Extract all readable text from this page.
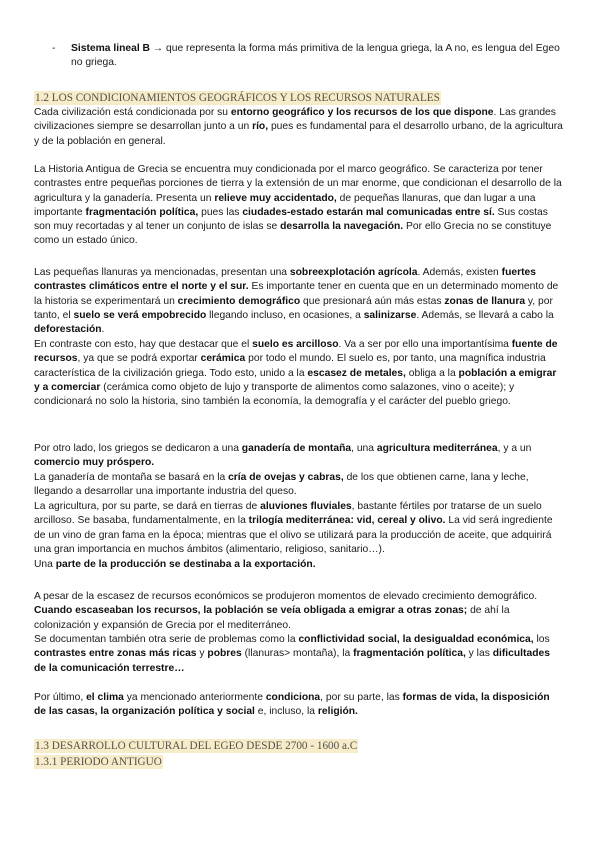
- Sistema lineal B → que representa la forma más primitiva de la lengua griega, la A no, es lengua del Egeo no griega.
1.2 LOS CONDICIONAMIENTOS GEOGRÁFICOS Y LOS RECURSOS NATURALES

Cada civilización está condicionada por su entorno geográfico y los recursos de los que dispone. Las grandes civilizaciones siempre se desarrollan junto a un río, pues es fundamental para el desarrollo urbano, de la agricultura y de la población en general.

La Historia Antigua de Grecia se encuentra muy condicionada por el marco geográfico. Se caracteriza por tener contrastes entre pequeñas porciones de tierra y la extensión de un mar enorme, que condicionan el desarrollo de la agricultura y la ganadería. Presenta un relieve muy accidentado, de pequeñas llanuras, que dan lugar a una importante fragmentación política, pues las ciudades-estado estarán mal comunicadas entre sí. Sus costas son muy recortadas y al tener un conjunto de islas se desarrolla la navegación. Por ello Grecia no se constituye como un estado único.

Las pequeñas llanuras ya mencionadas, presentan una sobreexplotación agrícola. Además, existen fuertes contrastes climáticos entre el norte y el sur. Es importante tener en cuenta que en un determinado momento de la historia se experimentará un crecimiento demográfico que presionará aún más estas zonas de llanura y, por tanto, el suelo se verá empobrecido llegando incluso, en ocasiones, a salinizarse. Además, se llevará a cabo la deforestación.

En contraste con esto, hay que destacar que el suelo es arcilloso. Va a ser por ello una importantísima fuente de recursos, ya que se podrá exportar cerámica por todo el mundo. El suelo es, por tanto, una magnífica industria característica de la civilización griega. Todo esto, unido a la escasez de metales, obliga a la población a emigrar y a comerciar (cerámica como objeto de lujo y transporte de alimentos como salazones, vino o aceite); y condicionará no solo la historia, sino también la economía, la demografía y el carácter del pueblo griego.

Por otro lado, los griegos se dedicaron a una ganadería de montaña, una agricultura mediterránea, y a un comercio muy próspero.

La ganadería de montaña se basará en la cría de ovejas y cabras, de los que obtienen carne, lana y leche, llegando a desarrollar una importante industria del queso.

La agricultura, por su parte, se dará en tierras de aluviones fluviales, bastante fértiles por tratarse de un suelo arcilloso. Se basaba, fundamentalmente, en la trilogía mediterránea: vid, cereal y olivo. La vid será ingrediente de un vino de gran fama en la época; mientras que el olivo se utilizará para la producción de aceite, que adquirirá una gran importancia en muchos ámbitos (alimentario, religioso, sanitario…).

Una parte de la producción se destinaba a la exportación.

A pesar de la escasez de recursos económicos se produjeron momentos de elevado crecimiento demográfico. Cuando escaseaban los recursos, la población se veía obligada a emigrar a otras zonas; de ahí la colonización y expansión de Grecia por el mediterráneo.

Se documentan también otra serie de problemas como la conflictividad social, la desigualdad económica, los contrastes entre zonas más ricas y pobres (llanuras> montaña), la fragmentación política, y las dificultades de la comunicación terrestre…

Por último, el clima ya mencionado anteriormente condiciona, por su parte, las formas de vida, la disposición de las casas, la organización política y social e, incluso, la religión.

1.3 DESARROLLO CULTURAL DEL EGEO DESDE 2700 - 1600 a.C
1.3.1 PERIODO ANTIGUO
